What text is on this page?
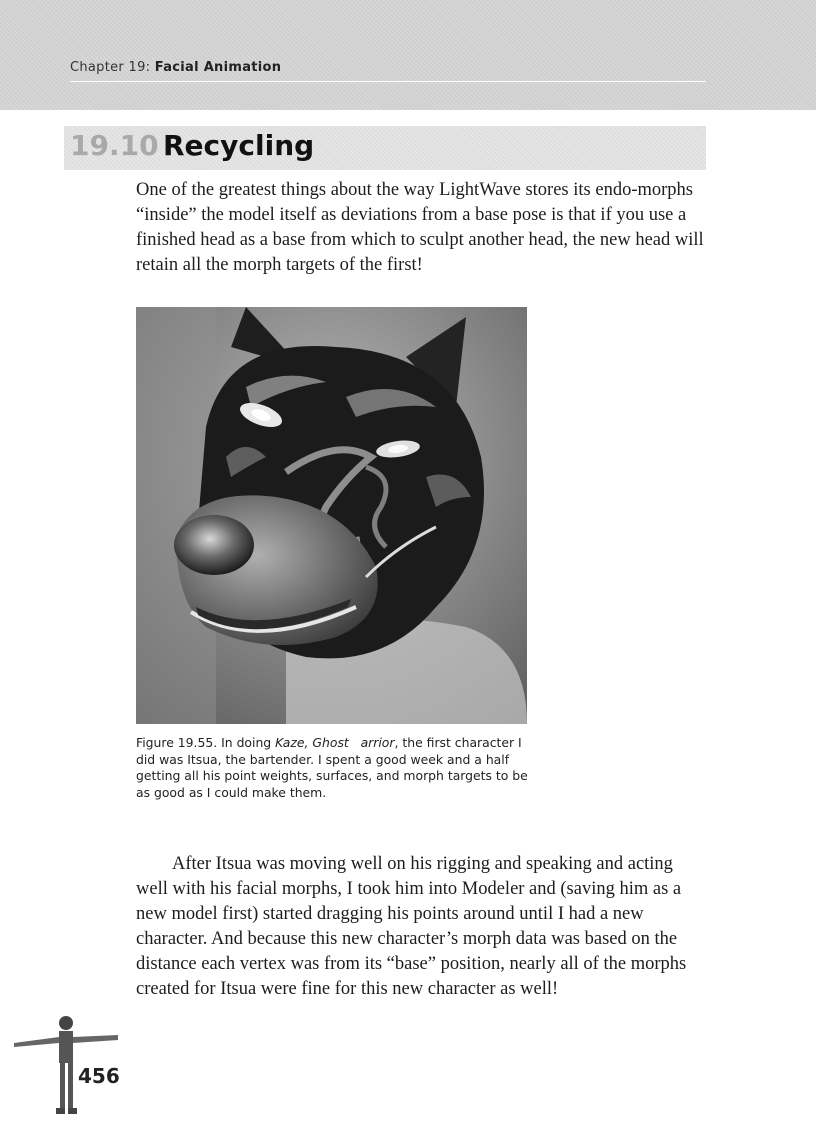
Chapter 19: Facial Animation
19.10 Recycling

One of the greatest things about the way LightWave stores its endo-morphs “inside” the model itself as deviations from a base pose is that if you use a finished head as a base from which to sculpt another head, the new head will retain all the morph targets of the first!

Figure 19.55. In doing Kaze, Ghost   arrior, the first character I did was Itsua, the bartender. I spent a good week and a half getting all his point weights, surfaces, and morph targets to be as good as I could make them.

After Itsua was moving well on his rigging and speaking and acting well with his facial morphs, I took him into Modeler and (saving him as a new model first) started dragging his points around until I had a new character. And because this new character’s morph data was based on the distance each vertex was from its “base” position, nearly all of the morphs created for Itsua were fine for this new character as well!

456
